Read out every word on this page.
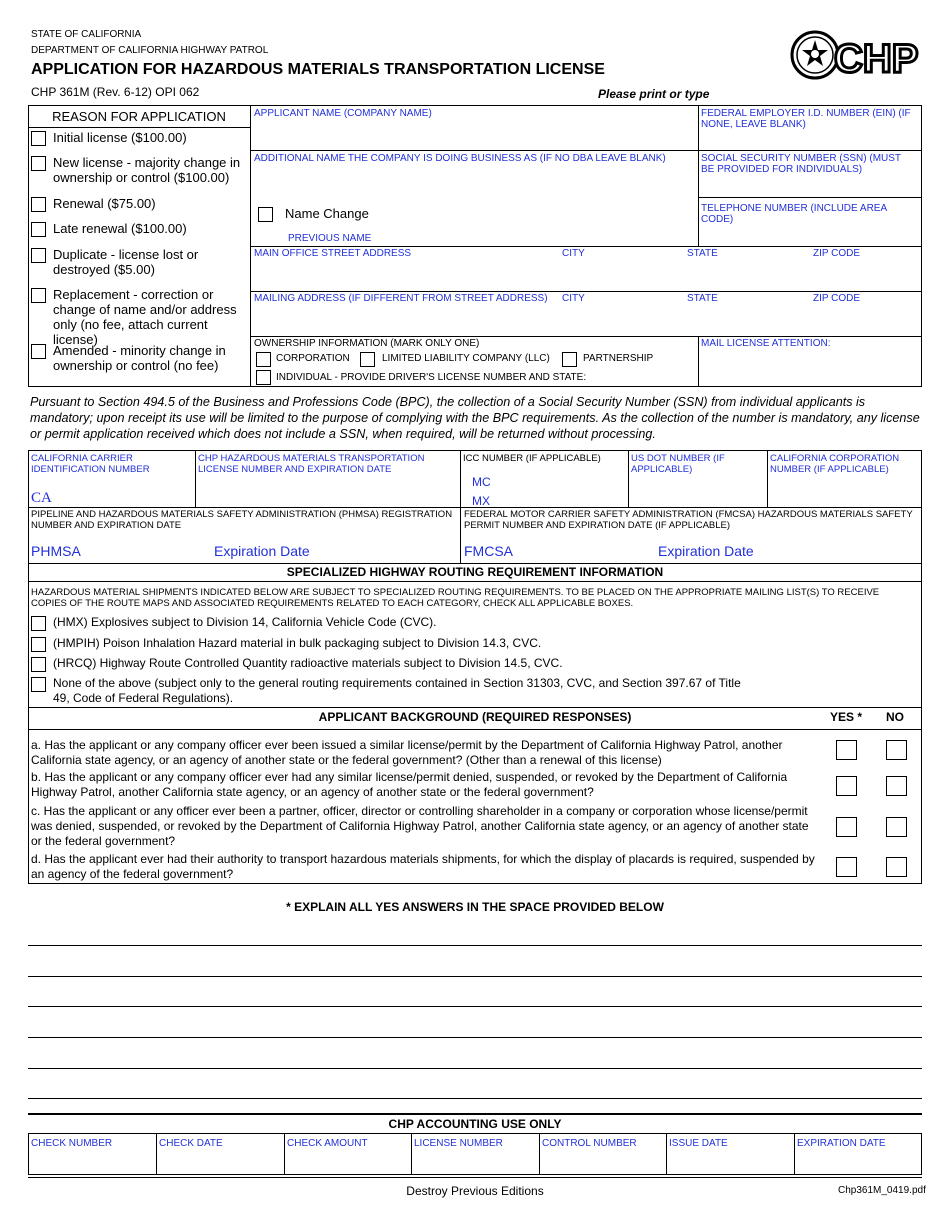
STATE OF CALIFORNIA
DEPARTMENT OF CALIFORNIA HIGHWAY PATROL
APPLICATION FOR HAZARDOUS MATERIALS TRANSPORTATION LICENSE
CHP 361M (Rev. 6-12) OPI 062	Please print or type
CHP
REASON FOR APPLICATION
Initial license ($100.00)
New license - majority change in ownership or control ($100.00)
Renewal ($75.00)
Late renewal ($100.00)
Duplicate - license lost or destroyed ($5.00)
Replacement - correction or change of name and/or address only (no fee, attach current license)
Amended - minority change in ownership or control (no fee)
APPLICANT NAME (COMPANY NAME)
ADDITIONAL NAME THE COMPANY IS DOING BUSINESS AS (IF NO DBA LEAVE BLANK)
Name Change
PREVIOUS NAME
FEDERAL EMPLOYER I.D. NUMBER (EIN) (IF NONE, LEAVE BLANK)
SOCIAL SECURITY NUMBER (SSN) (MUST BE PROVIDED FOR INDIVIDUALS)
TELEPHONE NUMBER (INCLUDE AREA CODE)
MAIN OFFICE STREET ADDRESS	CITY	STATE	ZIP CODE
MAILING ADDRESS (IF DIFFERENT FROM STREET ADDRESS) CITY	STATE	ZIP CODE
OWNERSHIP INFORMATION (MARK ONLY ONE)
CORPORATION	LIMITED LIABILITY COMPANY (LLC)	PARTNERSHIP
INDIVIDUAL - PROVIDE DRIVER'S LICENSE NUMBER AND STATE:
MAIL LICENSE ATTENTION:
Pursuant to Section 494.5 of the Business and Professions Code (BPC), the collection of a Social Security Number (SSN) from individual applicants is mandatory; upon receipt its use will be limited to the purpose of complying with the BPC requirements. As the collection of the number is mandatory, any license or permit application received which does not include a SSN, when required, will be returned without processing.
CALIFORNIA CARRIER IDENTIFICATION NUMBER
CA
CHP HAZARDOUS MATERIALS TRANSPORTATION LICENSE NUMBER AND EXPIRATION DATE
ICC NUMBER (IF APPLICABLE)
MC
MX
US DOT NUMBER (IF APPLICABLE)
CALIFORNIA CORPORATION NUMBER (IF APPLICABLE)
PIPELINE AND HAZARDOUS MATERIALS SAFETY ADMINISTRATION (PHMSA) REGISTRATION NUMBER AND EXPIRATION DATE
PHMSA	Expiration Date
FEDERAL MOTOR CARRIER SAFETY ADMINISTRATION (FMCSA) HAZARDOUS MATERIALS SAFETY PERMIT NUMBER AND EXPIRATION DATE (IF APPLICABLE)
FMCSA	Expiration Date
SPECIALIZED HIGHWAY ROUTING REQUIREMENT INFORMATION
HAZARDOUS MATERIAL SHIPMENTS INDICATED BELOW ARE SUBJECT TO SPECIALIZED ROUTING REQUIREMENTS. TO BE PLACED ON THE APPROPRIATE MAILING LIST(S) TO RECEIVE COPIES OF THE ROUTE MAPS AND ASSOCIATED REQUIREMENTS RELATED TO EACH CATEGORY, CHECK ALL APPLICABLE BOXES.
(HMX) Explosives subject to Division 14, California Vehicle Code (CVC).
(HMPIH) Poison Inhalation Hazard material in bulk packaging subject to Division 14.3, CVC.
(HRCQ) Highway Route Controlled Quantity radioactive materials subject to Division 14.5, CVC.
None of the above (subject only to the general routing requirements contained in Section 31303, CVC, and Section 397.67 of Title 49, Code of Federal Regulations).
APPLICANT BACKGROUND (REQUIRED RESPONSES)	YES * NO
a. Has the applicant or any company officer ever been issued a similar license/permit by the Department of California Highway Patrol, another California state agency, or an agency of another state or the federal government? (Other than a renewal of this license)
b. Has the applicant or any company officer ever had any similar license/permit denied, suspended, or revoked by the Department of California Highway Patrol, another California state agency, or an agency of another state or the federal government?
c. Has the applicant or any officer ever been a partner, officer, director or controlling shareholder in a company or corporation whose license/permit was denied, suspended, or revoked by the Department of California Highway Patrol, another California state agency, or an agency of another state or the federal government?
d. Has the applicant ever had their authority to transport hazardous materials shipments, for which the display of placards is required, suspended by an agency of the federal government?
* EXPLAIN ALL YES ANSWERS IN THE SPACE PROVIDED BELOW
CHP ACCOUNTING USE ONLY
CHECK NUMBER	CHECK DATE	CHECK AMOUNT	LICENSE NUMBER	CONTROL NUMBER	ISSUE DATE	EXPIRATION DATE
Destroy Previous Editions	Chp361M_0419.pdf
